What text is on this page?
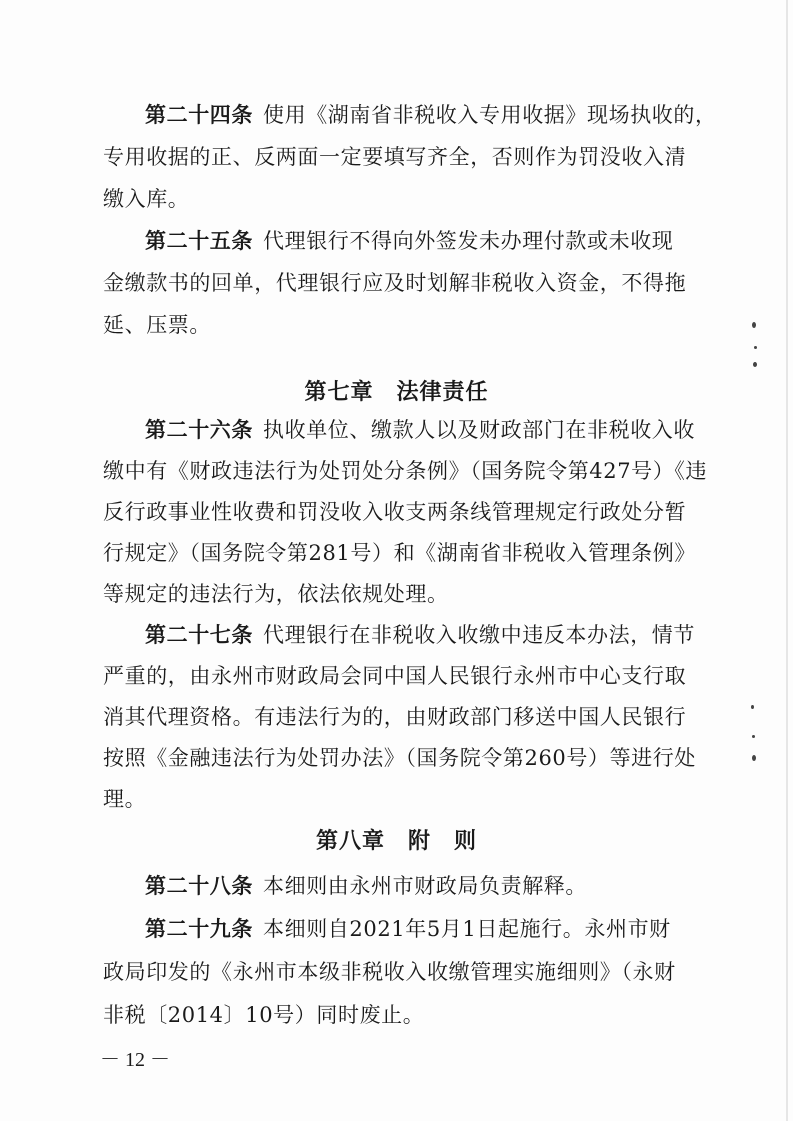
第二十四条 使用《湖南省非税收入专用收据》现场执收的，
专用收据的正、反两面一定要填写齐全，否则作为罚没收入清
缴入库。
第二十五条 代理银行不得向外签发未办理付款或未收现
金缴款书的回单，代理银行应及时划解非税收入资金，不得拖
延、压票。
第七章　法律责任
第二十六条 执收单位、缴款人以及财政部门在非税收入收
缴中有《财政违法行为处罚处分条例》（国务院令第427号）《违
反行政事业性收费和罚没收入收支两条线管理规定行政处分暂
行规定》（国务院令第281号）和《湖南省非税收入管理条例》
等规定的违法行为，依法依规处理。
第二十七条 代理银行在非税收入收缴中违反本办法，情节
严重的，由永州市财政局会同中国人民银行永州市中心支行取
消其代理资格。有违法行为的，由财政部门移送中国人民银行
按照《金融违法行为处罚办法》（国务院令第260号）等进行处
理。
第八章　附　则
第二十八条 本细则由永州市财政局负责解释。
第二十九条 本细则自2021年5月1日起施行。永州市财
政局印发的《永州市本级非税收入收缴管理实施细则》（永财
－ 12 －
非税〔2014〕10号）同时废止。
